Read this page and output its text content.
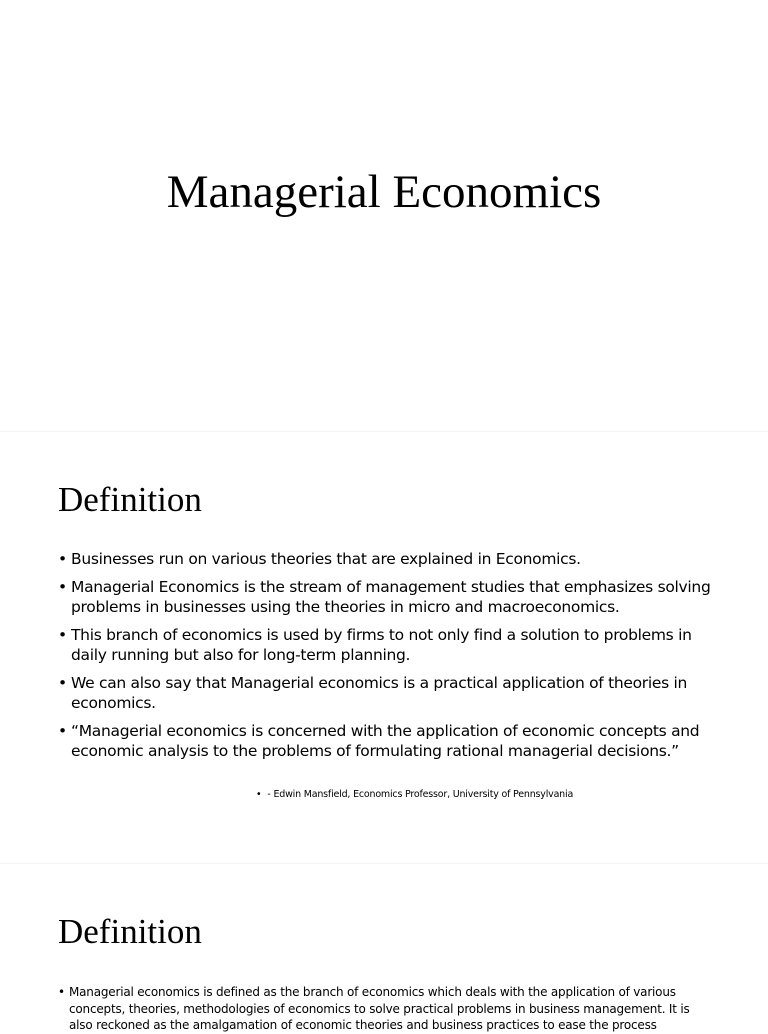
Managerial Economics
Definition
• Businesses run on various theories that are explained in Economics.
• Managerial Economics is the stream of management studies that emphasizes solving problems in businesses using the theories in micro and macroeconomics.
• This branch of economics is used by firms to not only find a solution to problems in daily running but also for long-term planning.
• We can also say that Managerial economics is a practical application of theories in economics.
• “Managerial economics is concerned with the application of economic concepts and economic analysis to the problems of formulating rational managerial decisions.”
• - Edwin Mansfield, Economics Professor, University of Pennsylvania
Definition
• Managerial economics is defined as the branch of economics which deals with the application of various concepts, theories, methodologies of economics to solve practical problems in business management. It is also reckoned as the amalgamation of economic theories and business practices to ease the process
